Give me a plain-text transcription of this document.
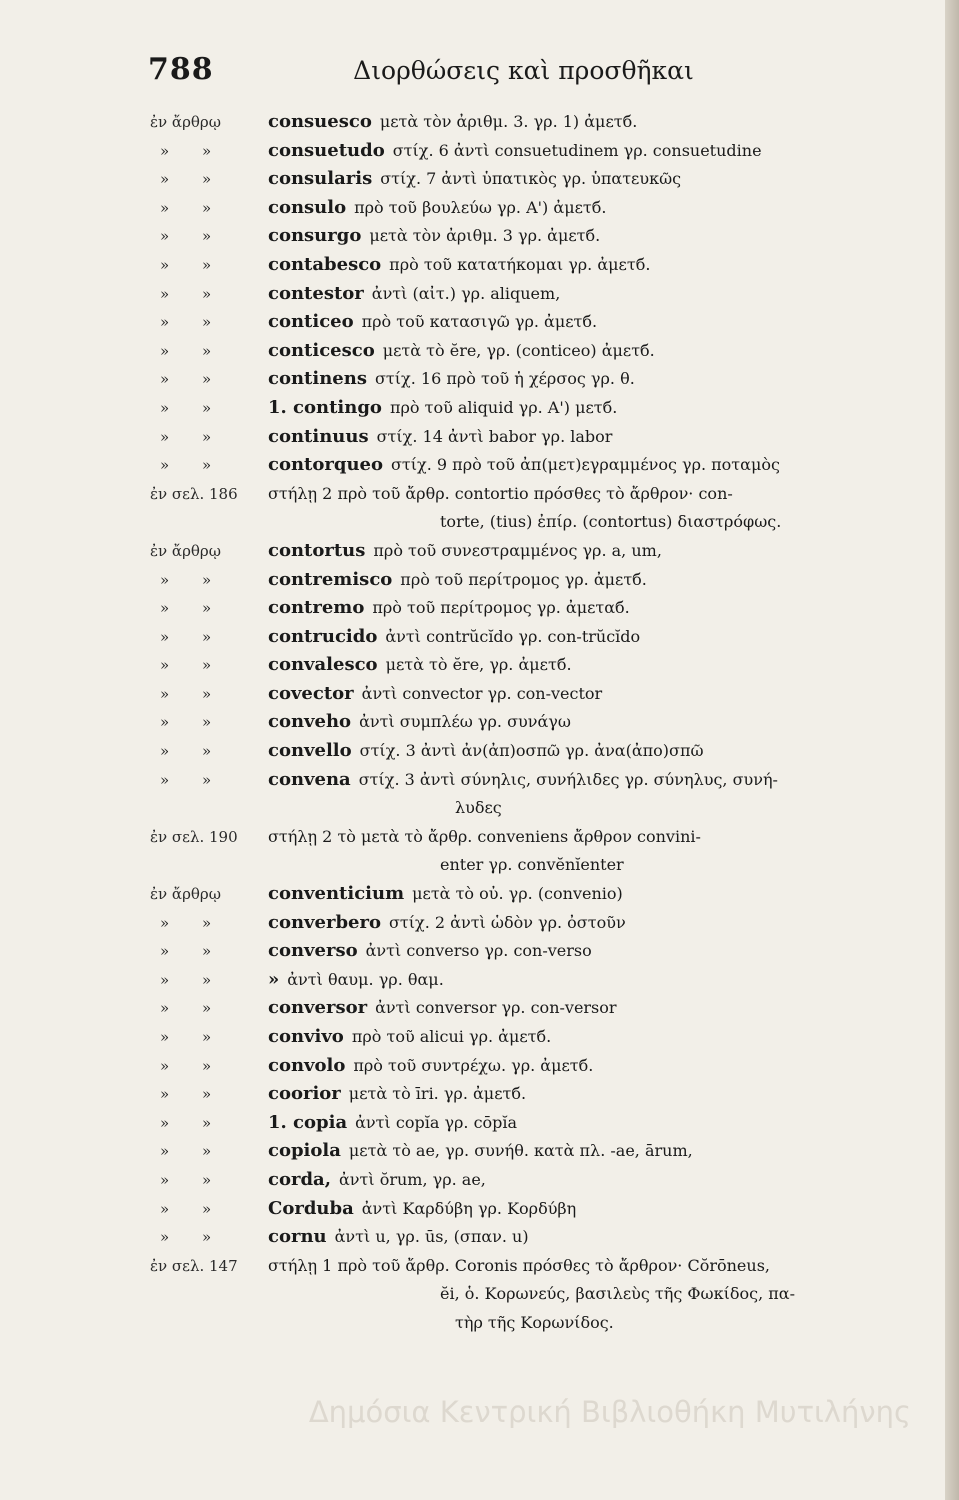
788	Διορθώσεις καὶ προσθῆκαι
ἐν ἄρθρῳ	consuesco μετὰ τὸν ἀριθμ. 3. γρ. 1) ἀμετб.
» »	consuetudo στίχ. 6 ἀντὶ consuetudinem γρ. consuetudine
» »	consularis στίχ. 7 ἀντὶ ὑπατικὸς γρ. ὑπατευκῶς
» »	consulo πρὸ τοῦ βουλεύω γρ. A') ἀμετб.
» »	consurgo μετὰ τὸν ἀριθμ. 3 γρ. ἀμετб.
» »	contabesco πρὸ τοῦ κατατήκομαι γρ. ἀμετб.
» »	contestor ἀντὶ (αἰτ.) γρ. aliquem,
» »	conticeo πρὸ τοῦ κατασιγῶ γρ. ἀμετб.
» »	conticesco μετὰ τὸ ĕre, γρ. (conticeo) ἀμετб.
» »	continens στίχ. 16 πρὸ τοῦ ἡ χέρσος γρ. θ.
» »	1. contingo πρὸ τοῦ aliquid γρ. A') μετб.
» »	continuus στίχ. 14 ἀντὶ babor γρ. labor
» »	contorqueo στίχ. 9 πρὸ τοῦ ἀπ(μετ)εγραμμένος γρ. ποταμὸς
ἐν σελ. 186	στήλῃ 2 πρὸ τοῦ ἄρθρ. contortio πρόσθες τὸ ἄρθρον· con-
torte, (tius) ἐπίρ. (contortus) διαστρόφως.
ἐν ἄρθρῳ	contortus πρὸ τοῦ συνεστραμμένος γρ. a, um,
» »	contremisco πρὸ τοῦ περίτρομος γρ. ἀμετб.
» »	contremo πρὸ τοῦ περίτρομος γρ. ἀμεταб.
» »	contrucido ἀντὶ contrŭcĭdo γρ. con-trŭcĭdo
» »	convalesco μετὰ τὸ ĕre, γρ. ἀμετб.
» »	covector ἀντὶ convector γρ. con-vector
» »	conveho ἀντὶ συμπλέω γρ. συνάγω
» »	convello στίχ. 3 ἀντὶ ἀν(ἀπ)οσπῶ γρ. ἀνα(ἀπο)σπῶ
» »	convena στίχ. 3 ἀντὶ σύνηλις, συνήλιδες γρ. σύνηλυς, συνή-
λυδες
ἐν σελ. 190	στήλῃ 2 τὸ μετὰ τὸ ἄρθρ. conveniens ἄρθρον convini-
enter γρ. convĕnĭenter
ἐν ἄρθρῳ	conventicium μετὰ τὸ οὐ. γρ. (convenio)
» »	converbero στίχ. 2 ἀντὶ ὡδὸν γρ. ὀστοῦν
» »	converso ἀντὶ converso γρ. con-verso
» »	» ἀντὶ θαυμ. γρ. θαμ.
» »	conversor ἀντὶ conversor γρ. con-versor
» »	convivo πρὸ τοῦ alicui γρ. ἀμετб.
» »	convolo πρὸ τοῦ συντρέχω. γρ. ἀμετб.
» »	coorior μετὰ τὸ īri. γρ. ἀμετб.
» »	1. copia ἀντὶ copĭa γρ. cōpĭa
» »	copiola μετὰ τὸ ae, γρ. συνήθ. κατὰ πλ. -ae, ārum,
» »	corda, ἀντὶ ŏrum, γρ. ae,
» »	Corduba ἀντὶ Καρδύβη γρ. Κορδύβη
» »	cornu ἀντὶ u, γρ. ūs, (σπαν. u)
ἐν σελ. 147	στήλῃ 1 πρὸ τοῦ ἄρθρ. Coronis πρόσθες τὸ ἄρθρον· Cŏrōneus,
ĕi, ὁ. Κορωνεύς, βασιλεὺς τῆς Φωκίδος, πα-
τὴρ τῆς Κορωνίδος.
Δημόσια Κεντρική Βιβλιοθήκη Μυτιλήνης
